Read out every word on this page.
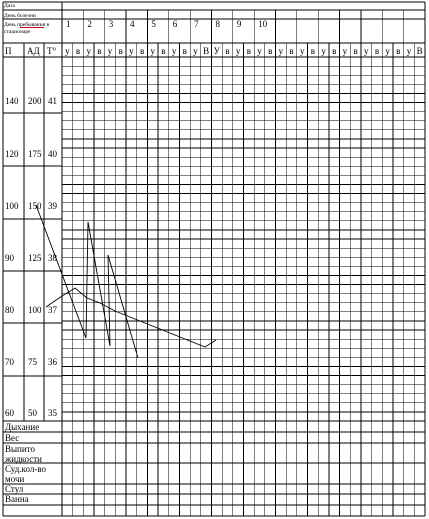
Дата
День болезни
День пребывания в
стационаре
1 2 3 4 5 6 7 8 9 10
П АД Т° у в у в у в у в у в у в у В У в у в у в у в у в у в у в у в у в у В
140 200 41
120 175 40
100 150 39
90 125 38
80 100 37
70 75 36
60 50 35
Дыхание
Вес
Выпито
жидкости
Суд.кол-во
мочи
Стул
Ванна
